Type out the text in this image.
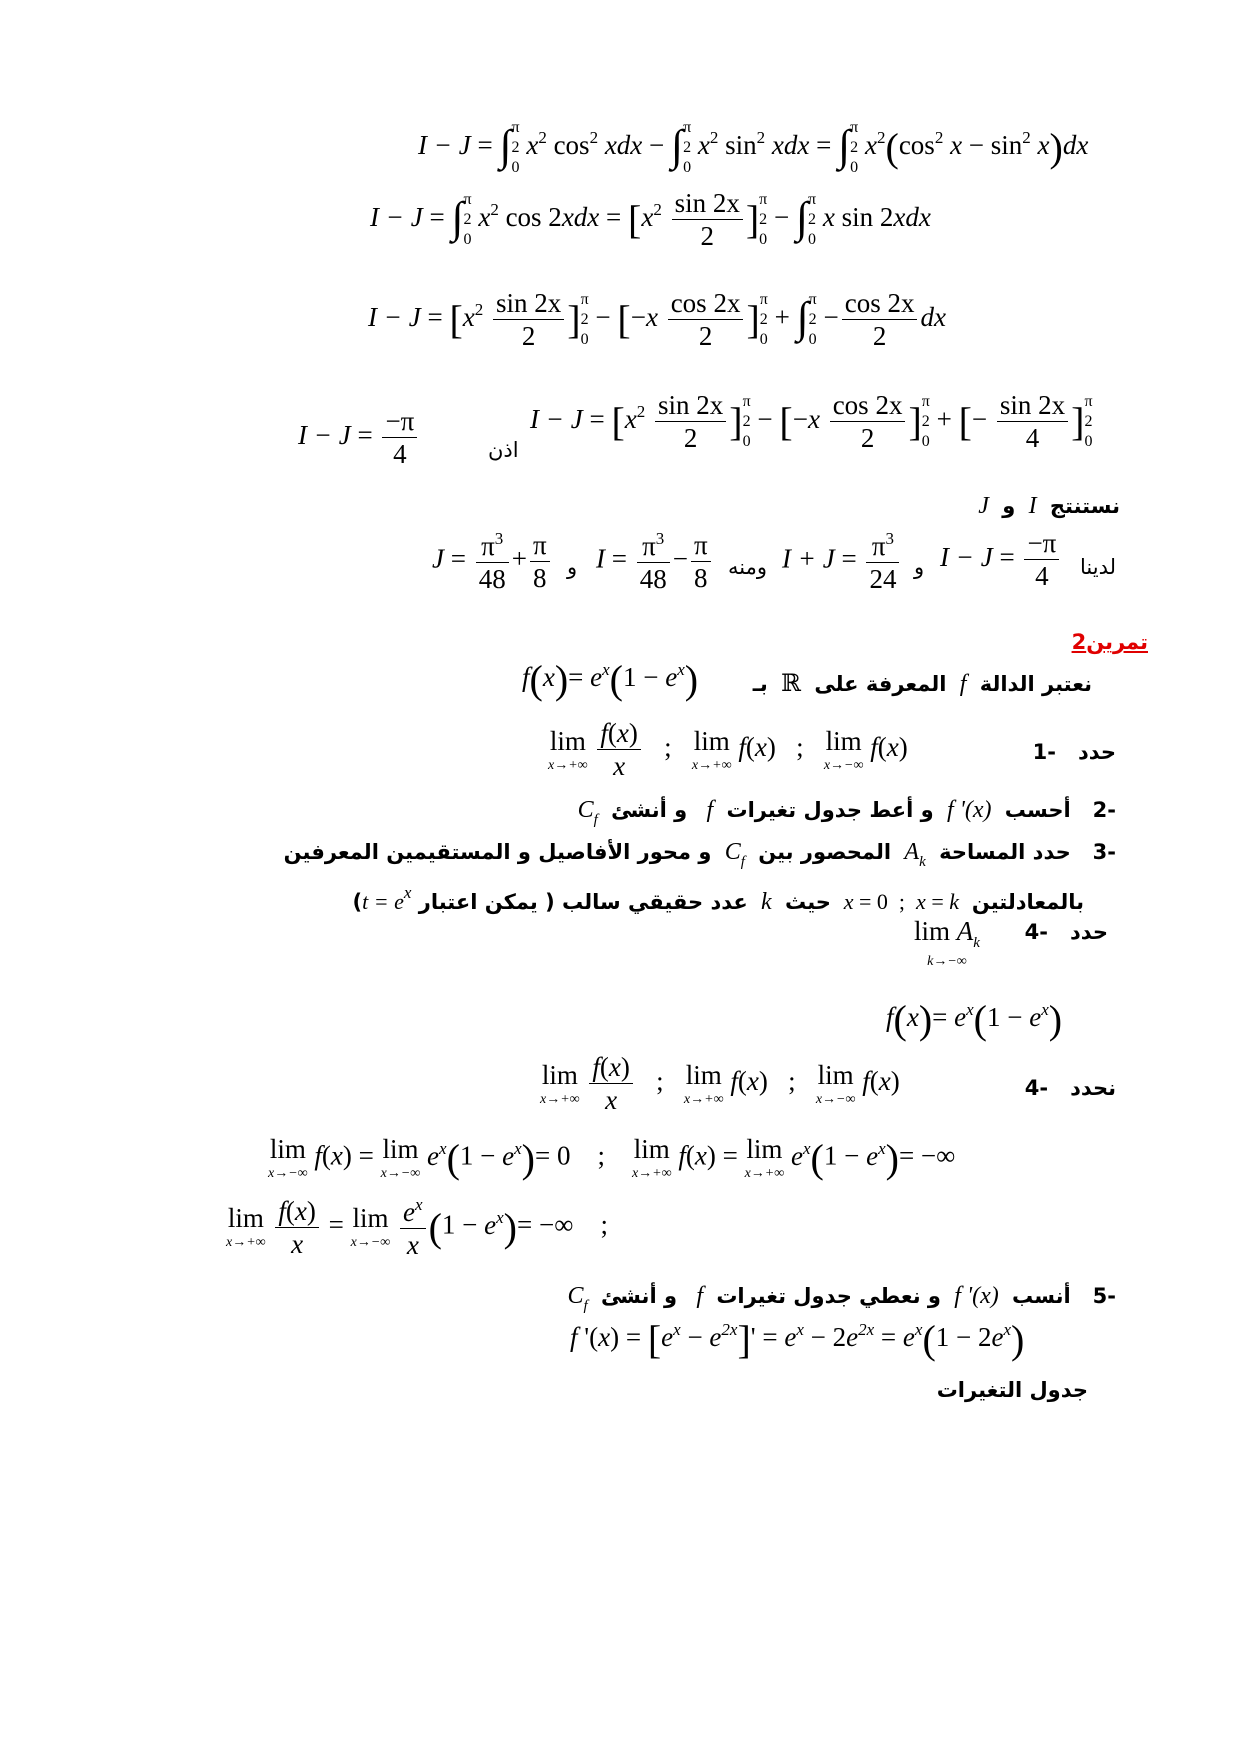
I − J = ∫π
2
0 $x^2$ $\cos^2$ xdx − ∫π
2
0 $x^2$ $\sin^2$ xdx = ∫π
2
0 $x^2(\cos^2$ $x - \sin^2 x)dx$
I − J = ∫π
2
0 $x^2$ $\cos 2xdx = [x^2 \frac{\sin 2x}{2} ]\pi$
2
0 − ∫π
2
0 x sin 2xdx
$I - J = [x^2 \frac{\sin 2x}{2} ]\pi$
2
$0 - [-x \frac{\cos 2x}{2} ]\pi$
2
0 + ∫π
2
$0 - \frac{\cos 2x}{2}$ dx
$I - J = \frac{-\pi}{4}$	اذن
$I - J = [x^2 \frac{\sin 2x}{2} ]\pi$
2
$0 - [-x \frac{\cos 2x}{2} ]\pi$
2
0 + [− $\frac{\sin 2x}{4} ]\pi$
2
0
نستنتج  I  و  J
$J = \frac{\pi^3}{48} + \frac{\pi}{8}$ و $I = \frac{\pi^3}{48} - \frac{\pi}{8}$ ومنه $I + J = \frac{\pi^3}{24}$ و $I - J = \frac{-\pi}{4}$ لدينا
تمرين2
$f(x)= e^x(1 - e^x)$	نعتبر الدالة  f  المعرفة على  ℝ  بـ
lim
x→+∞
$\frac{f(x)}{x}$ ; lim
x→+∞
f(x)   ; lim
x→−∞
f(x)	حدد   -1
-2   أحسب  f '(x)  و أعط جدول تغيرات  f   و أنشئ  $C_f$
-3   حدد المساحة  $A_k$  المحصور بين  $C_f$  و محور الأفاصيل و المستقيمين المعرفين
بالمعادلتين  x = 0  ;  x = k  حيث  k  عدد حقيقي سالب ( يمكن اعتبار $t = e^x$)
$\lim A_k$
k→−∞
حدد   -4
$f(x)= e^x(1 - e^x)$
lim
x→+∞
$\frac{f(x)}{x}$ ; lim
x→+∞
f(x)   ; lim
x→−∞
f(x)	نحدد   -4
lim
x→−∞
f(x) = lim
x→−∞
$e^x(1 - e^x)= 0$    ; lim
x→+∞
f(x) = lim
x→+∞
$e^x(1 - e^x)=$ −∞
lim
x→+∞
$\frac{f(x)}{x} = \lim$
x→−∞
$\frac{e^x}{x} (1 - e^x)=$ −∞    ;
-5   أنسب  f '(x)  و نعطي جدول تغيرات  f   و أنشئ  $C_f$
f '$(x) = [e^x - e^{2x}]' = e^x - 2e^{2x} = e^x(1 - 2e^x)$
جدول التغيرات
